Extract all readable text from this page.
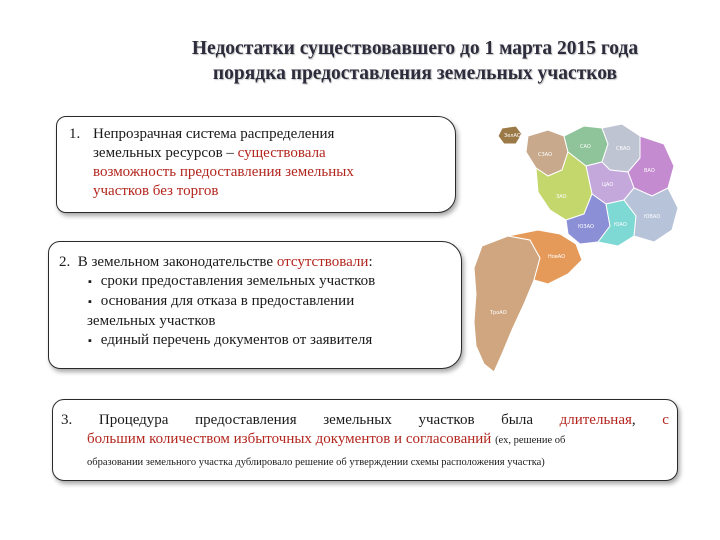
Недостатки существовавшего до 1 марта 2015 года
порядка предоставления земельных участков
1. Непрозрачная система распределения
земельных ресурсов – существовала
возможность предоставления земельных
участков без торгов
2. В земельном законодательстве отсутствовали:
▪ сроки предоставления земельных участков
▪ основания для отказа в предоставлении
земельных участков
▪ единый перечень документов от заявителя
3. Процедура предоставления земельных участков была длительная, с
большим количеством избыточных документов и согласований (ех, решение об
образовании земельного участка дублировало решение об утверждении схемы расположения участка)
ЗелАО
САО	СВАО
ВАО
СЗАО
ЦАО
ЗАО
ЮЗАО	ЮАО
ЮВАО
НовАО
ТроАО
